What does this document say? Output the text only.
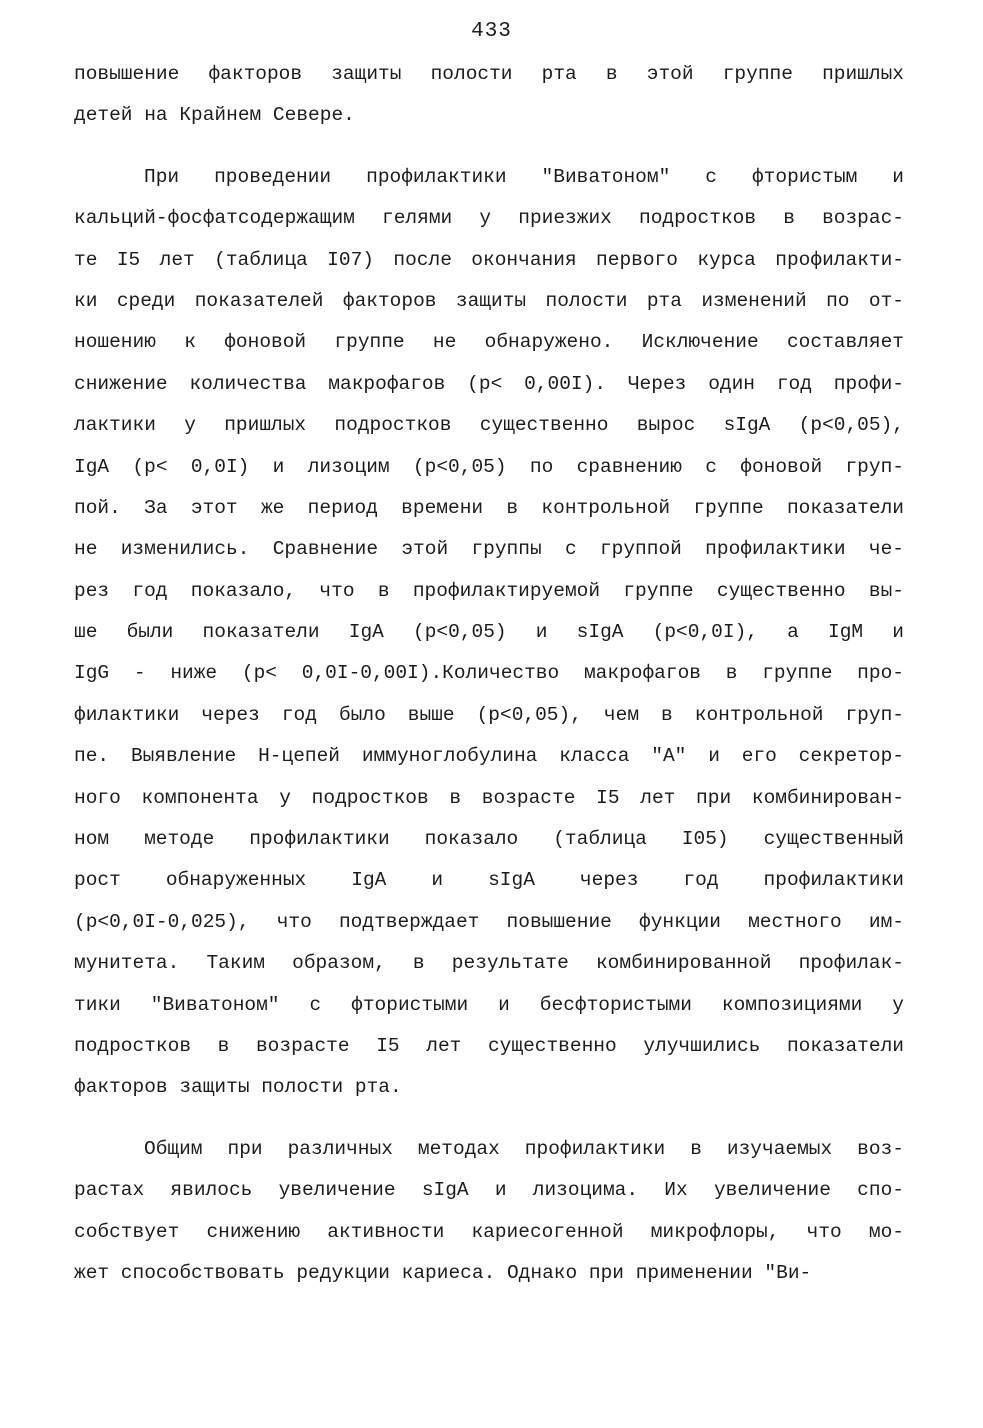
433
повышение факторов защиты полости рта в этой группе пришлых
детей на Крайнем Севере.
При проведении профилактики "Виватоном" с фтористым и
кальций-фосфатсодержащим гелями у приезжих подростков в возрас-
те I5 лет (таблица I07) после окончания первого курса профилакти-
ки среди показателей факторов защиты полости рта изменений по от-
ношению к фоновой группе не обнаружено. Исключение составляет
снижение количества макрофагов (p< 0,00I). Через один год профи-
лактики у пришлых подростков существенно вырос sIgA (p<0,05),
IgA (p< 0,0I) и лизоцим (p<0,05) по сравнению с фоновой груп-
пой. За этот же период времени в контрольной группе показатели
не изменились. Сравнение этой группы с группой профилактики че-
рез год показало, что в профилактируемой группе существенно вы-
ше были показатели IgA (p<0,05) и sIgA (p<0,0I), а IgM и
IgG - ниже (p< 0,0I-0,00I).Количество макрофагов в группе про-
филактики через год было выше (p<0,05), чем в контрольной груп-
пе. Выявление H-цепей иммуноглобулина класса "A" и его секретор-
ного компонента у подростков в возрасте I5 лет при комбинирован-
ном методе профилактики показало (таблица I05) существенный
рост обнаруженных IgA и sIgA через год профилактики
(p<0,0I-0,025), что подтверждает повышение функции местного им-
мунитета. Таким образом, в результате комбинированной профилак-
тики "Виватоном" с фтористыми и бесфтористыми композициями у
подростков в возрасте I5 лет существенно улучшились показатели
факторов защиты полости рта.
Общим при различных методах профилактики в изучаемых воз-
растах явилось увеличение sIgA и лизоцима. Их увеличение спо-
собствует снижению активности кариесогенной микрофлоры, что мо-
жет способствовать редукции кариеса. Однако при применении "Ви-
